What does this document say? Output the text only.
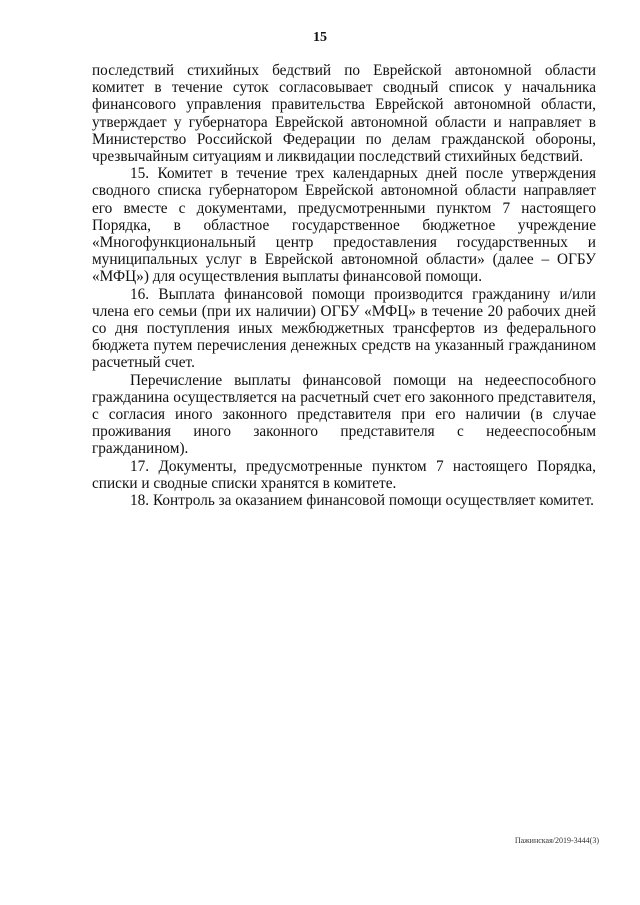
15

последствий стихийных бедствий по Еврейской автономной области комитет в течение суток согласовывает сводный список у начальника финансового управления правительства Еврейской автономной области, утверждает у губернатора Еврейской автономной области и направляет в Министерство Российской Федерации по делам гражданской обороны, чрезвычайным ситуациям и ликвидации последствий стихийных бедствий.

15. Комитет в течение трех календарных дней после утверждения сводного списка губернатором Еврейской автономной области направляет его вместе с документами, предусмотренными пунктом 7 настоящего Порядка, в областное государственное бюджетное учреждение «Многофункциональный центр предоставления государственных и муниципальных услуг в Еврейской автономной области» (далее – ОГБУ «МФЦ») для осуществления выплаты финансовой помощи.

16. Выплата финансовой помощи производится гражданину и/или члена его семьи (при их наличии) ОГБУ «МФЦ» в течение 20 рабочих дней со дня поступления иных межбюджетных трансфертов из федерального бюджета путем перечисления денежных средств на указанный гражданином расчетный счет.

Перечисление выплаты финансовой помощи на недееспособного гражданина осуществляется на расчетный счет его законного представителя, с согласия иного законного представителя при его наличии (в случае проживания иного законного представителя с недееспособным гражданином).

17. Документы, предусмотренные пунктом 7 настоящего Порядка, списки и сводные списки хранятся в комитете.

18. Контроль за оказанием финансовой помощи осуществляет комитет.

Пажинская/2019-3444(3)
